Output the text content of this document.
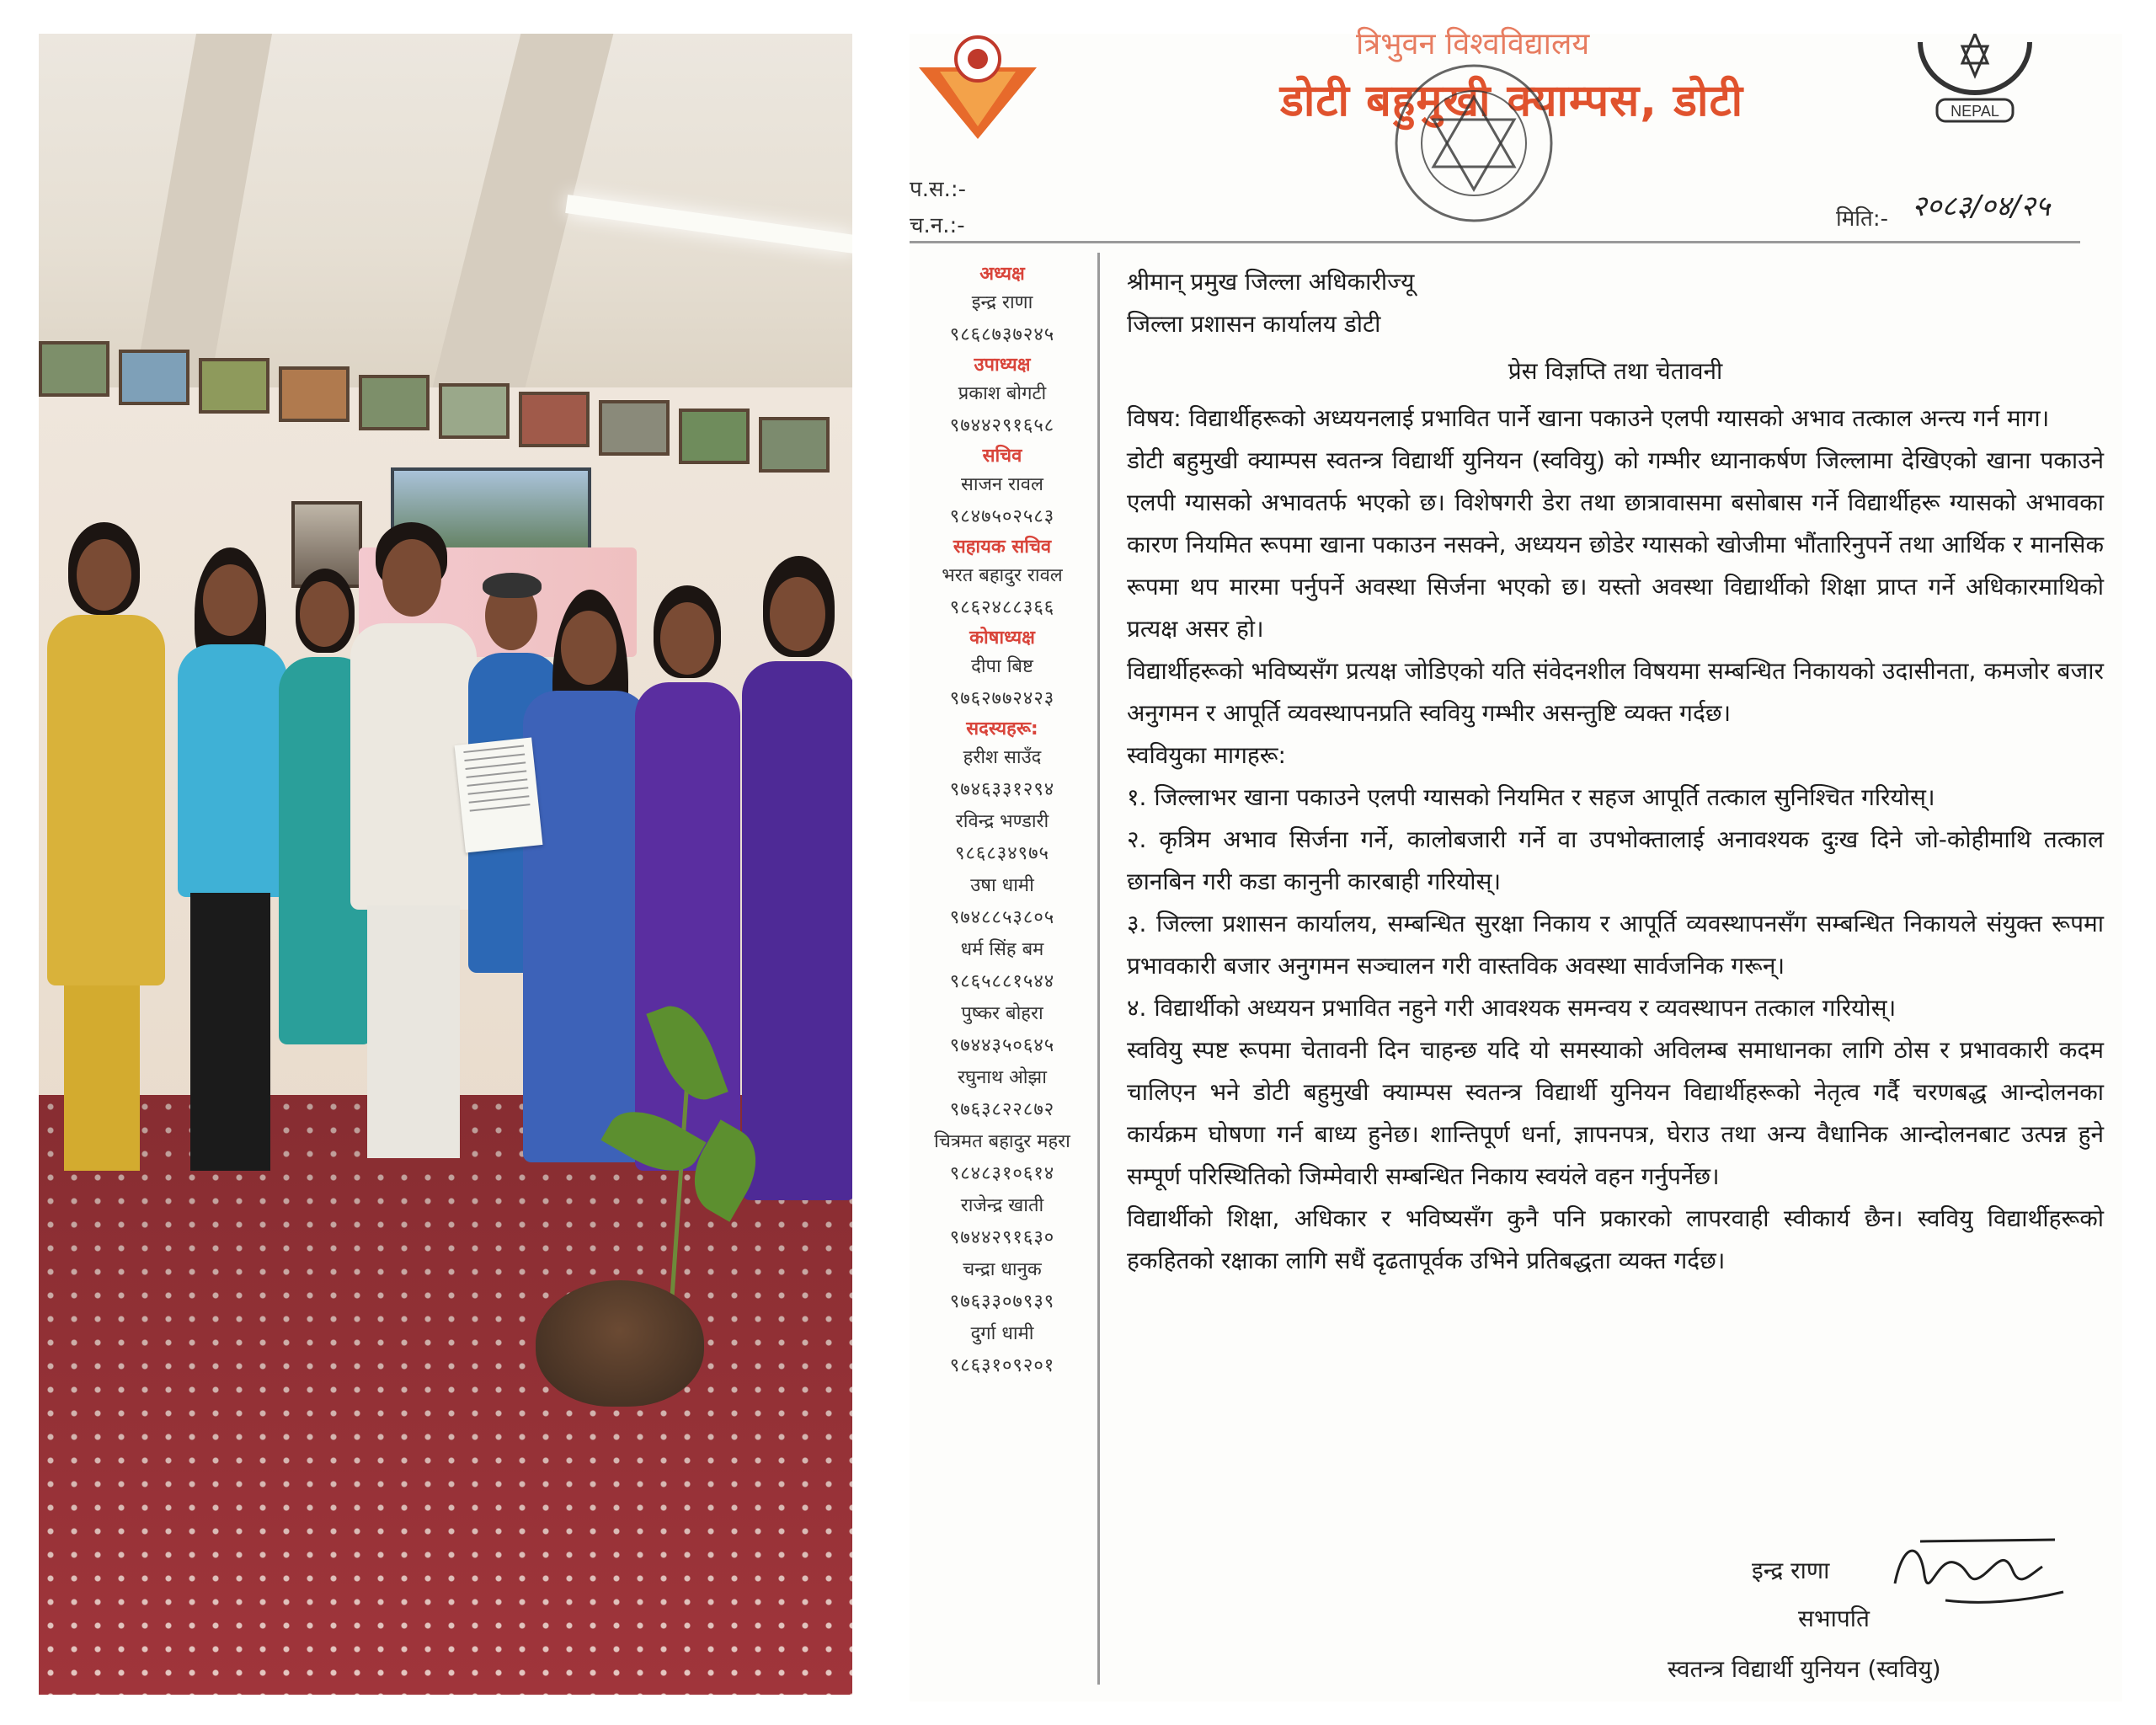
NEPAL
त्रिभुवन विश्वविद्यालय
डोटी बहुमुखी क्याम्पस, डोटी
प.स.:-
च.न.:-	मिति:- २०८३/०४/२५
अध्यक्ष
इन्द्र राणा
९८६८७३७२४५
उपाध्यक्ष
प्रकाश बोगटी
९७४४२९१६५८
सचिव
साजन रावल
९८४७५०२५८३
सहायक सचिव
भरत बहादुर रावल
९८६२४८८३६६
कोषाध्यक्ष
दीपा बिष्ट
९७६२७७२४२३
सदस्यहरू:
हरीश साउँद
९७४६३३१२९४
रविन्द्र भण्डारी
९८६८३४९७५
उषा धामी
९७४८८५३८०५
धर्म सिंह बम
९८६५८८१५४४
पुष्कर बोहरा
९७४४३५०६४५
रघुनाथ ओझा
९७६३८२२८७२
चित्रमत बहादुर महरा
९८४८३१०६१४
राजेन्द्र खाती
९७४४२९१६३०
चन्द्रा धानुक
९७६३३०७९३९
दुर्गा धामी
९८६३१०९२०१

श्रीमान् प्रमुख जिल्ला अधिकारीज्यू

जिल्ला प्रशासन कार्यालय डोटी

प्रेस विज्ञप्ति तथा चेतावनी

विषय: विद्यार्थीहरूको अध्ययनलाई प्रभावित पार्ने खाना पकाउने एलपी ग्यासको अभाव तत्काल अन्त्य गर्न माग।

डोटी बहुमुखी क्याम्पस स्वतन्त्र विद्यार्थी युनियन (स्ववियु) को गम्भीर ध्यानाकर्षण जिल्लामा देखिएको खाना पकाउने एलपी ग्यासको अभावतर्फ भएको छ। विशेषगरी डेरा तथा छात्रावासमा बसोबास गर्ने विद्यार्थीहरू ग्यासको अभावका कारण नियमित रूपमा खाना पकाउन नसक्ने, अध्ययन छोडेर ग्यासको खोजीमा भौंतारिनुपर्ने तथा आर्थिक र मानसिक रूपमा थप मारमा पर्नुपर्ने अवस्था सिर्जना भएको छ। यस्तो अवस्था विद्यार्थीको शिक्षा प्राप्त गर्ने अधिकारमाथिको प्रत्यक्ष असर हो।

विद्यार्थीहरूको भविष्यसँग प्रत्यक्ष जोडिएको यति संवेदनशील विषयमा सम्बन्धित निकायको उदासीनता, कमजोर बजार अनुगमन र आपूर्ति व्यवस्थापनप्रति स्ववियु गम्भीर असन्तुष्टि व्यक्त गर्दछ।

स्ववियुका मागहरू:

१. जिल्लाभर खाना पकाउने एलपी ग्यासको नियमित र सहज आपूर्ति तत्काल सुनिश्चित गरियोस्।

२. कृत्रिम अभाव सिर्जना गर्ने, कालोबजारी गर्ने वा उपभोक्तालाई अनावश्यक दुःख दिने जो-कोहीमाथि तत्काल छानबिन गरी कडा कानुनी कारबाही गरियोस्।

३. जिल्ला प्रशासन कार्यालय, सम्बन्धित सुरक्षा निकाय र आपूर्ति व्यवस्थापनसँग सम्बन्धित निकायले संयुक्त रूपमा प्रभावकारी बजार अनुगमन सञ्चालन गरी वास्तविक अवस्था सार्वजनिक गरून्।

४. विद्यार्थीको अध्ययन प्रभावित नहुने गरी आवश्यक समन्वय र व्यवस्थापन तत्काल गरियोस्।

स्ववियु स्पष्ट रूपमा चेतावनी दिन चाहन्छ यदि यो समस्याको अविलम्ब समाधानका लागि ठोस र प्रभावकारी कदम चालिएन भने डोटी बहुमुखी क्याम्पस स्वतन्त्र विद्यार्थी युनियन विद्यार्थीहरूको नेतृत्व गर्दै चरणबद्ध आन्दोलनका कार्यक्रम घोषणा गर्न बाध्य हुनेछ। शान्तिपूर्ण धर्ना, ज्ञापनपत्र, घेराउ तथा अन्य वैधानिक आन्दोलनबाट उत्पन्न हुने सम्पूर्ण परिस्थितिको जिम्मेवारी सम्बन्धित निकाय स्वयंले वहन गर्नुपर्नेछ।

विद्यार्थीको शिक्षा, अधिकार र भविष्यसँग कुनै पनि प्रकारको लापरवाही स्वीकार्य छैन। स्ववियु विद्यार्थीहरूको हकहितको रक्षाका लागि सधैं दृढतापूर्वक उभिने प्रतिबद्धता व्यक्त गर्दछ।

इन्द्र राणा
सभापति
स्वतन्त्र विद्यार्थी युनियन (स्ववियु)
